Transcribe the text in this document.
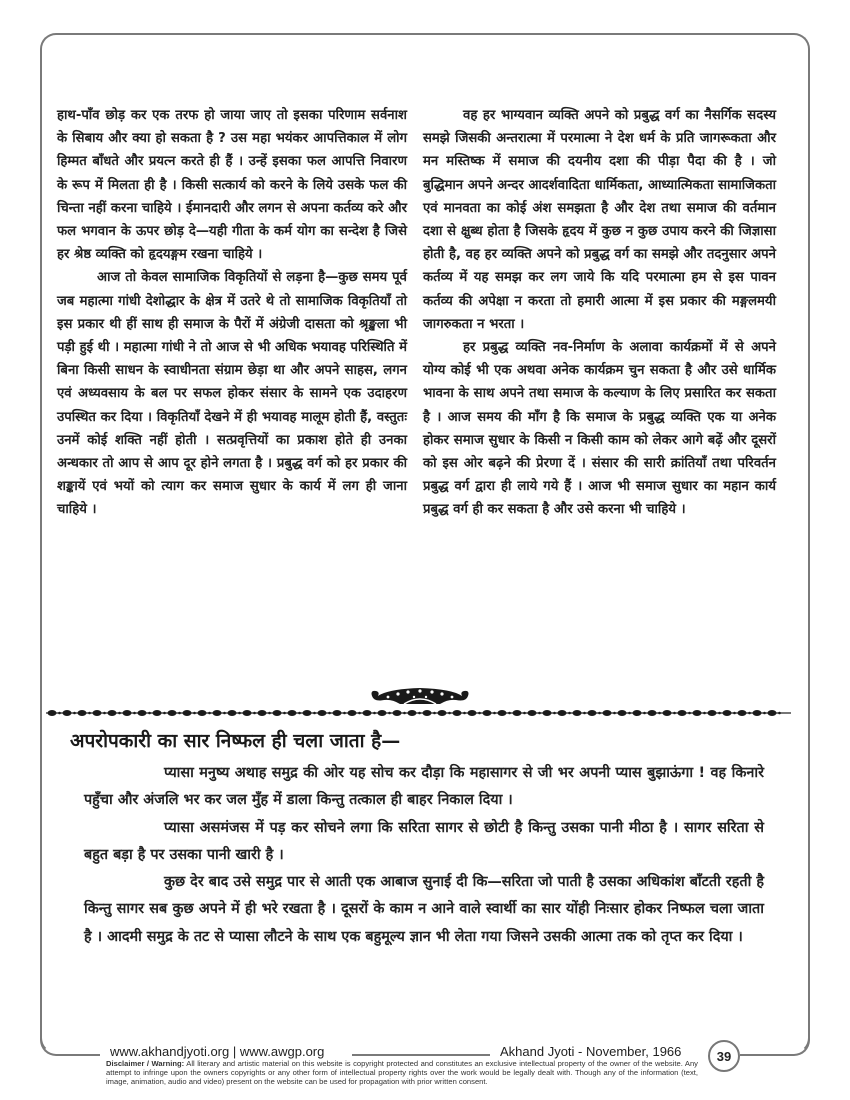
हाथ-पाँव छोड़ कर एक तरफ हो जाया जाए तो इसका परिणाम सर्वनाश के सिबाय और क्या हो सकता है ? उस महा भयंकर आपत्तिकाल में लोग हिम्मत बाँधते और प्रयत्न करते ही हैं । उन्हें इसका फल आपत्ति निवारण के रूप में मिलता ही है । किसी सत्कार्य को करने के लिये उसके फल की चिन्ता नहीं करना चाहिये । ईमानदारी और लगन से अपना कर्तव्य करे और फल भगवान के ऊपर छोड़ दे—यही गीता के कर्म योग का सन्देश है जिसे हर श्रेष्ठ व्यक्ति को हृदयङ्गम रखना चाहिये ।

आज तो केवल सामाजिक विकृतियों से लड़ना है—कुछ समय पूर्व जब महात्मा गांधी देशोद्धार के क्षेत्र में उतरे थे तो सामाजिक विकृतियाँ तो इस प्रकार थी हीं साथ ही समाज के पैरों में अंग्रेजी दासता को श्रृङ्खला भी पड़ी हुई थी । महात्मा गांधी ने तो आज से भी अधिक भयावह परिस्थिति में बिना किसी साधन के स्वाधीनता संग्राम छेड़ा था और अपने साहस, लगन एवं अध्यवसाय के बल पर सफल होकर संसार के सामने एक उदाहरण उपस्थित कर दिया । विकृतियाँ देखने में ही भयावह मालूम होती हैं, वस्तुतः उनमें कोई शक्ति नहीं होती । सत्प्रवृत्तियों का प्रकाश होते ही उनका अन्धकार तो आप से आप दूर होने लगता है । प्रबुद्ध वर्ग को हर प्रकार की शङ्कायें एवं भयों को त्याग कर समाज सुधार के कार्य में लग ही जाना चाहिये ।

वह हर भाग्यवान व्यक्ति अपने को प्रबुद्ध वर्ग का नैसर्गिक सदस्य समझे जिसकी अन्तरात्मा में परमात्मा ने देश धर्म के प्रति जागरूकता और मन मस्तिष्क में समाज की दयनीय दशा की पीड़ा पैदा की है । जो बुद्धिमान अपने अन्दर आदर्शवादिता धार्मिकता, आध्यात्मिकता सामाजिकता एवं मानवता का कोई अंश समझता है और देश तथा समाज की वर्तमान दशा से क्षुब्ध होता है जिसके हृदय में कुछ न कुछ उपाय करने की जिज्ञासा होती है, वह हर व्यक्ति अपने को प्रबुद्ध वर्ग का समझे और तदनुसार अपने कर्तव्य में यह समझ कर लग जाये कि यदि परमात्मा हम से इस पावन कर्तव्य की अपेक्षा न करता तो हमारी आत्मा में इस प्रकार की मङ्गलमयी जागरुकता न भरता ।

हर प्रबुद्ध व्यक्ति नव-निर्माण के अलावा कार्यक्रमों में से अपने योग्य कोई भी एक अथवा अनेक कार्यक्रम चुन सकता है और उसे धार्मिक भावना के साथ अपने तथा समाज के कल्याण के लिए प्रसारित कर सकता है । आज समय की माँग है कि समाज के प्रबुद्ध व्यक्ति एक या अनेक होकर समाज सुधार के किसी न किसी काम को लेकर आगे बढ़ें और दूसरों को इस ओर बढ़ने की प्रेरणा दें । संसार की सारी क्रांतियाँ तथा परिवर्तन प्रबुद्ध वर्ग द्वारा ही लाये गये हैं । आज भी समाज सुधार का महान कार्य प्रबुद्ध वर्ग ही कर सकता है और उसे करना भी चाहिये ।

अपरोपकारी का सार निष्फल ही चला जाता है—

प्यासा मनुष्य अथाह समुद्र की ओर यह सोच कर दौड़ा कि महासागर से जी भर अपनी प्यास बुझाऊंगा ! वह किनारे पहुँचा और अंजलि भर कर जल मुँह में डाला किन्तु तत्काल ही बाहर निकाल दिया ।

प्यासा असमंजस में पड़ कर सोचने लगा कि सरिता सागर से छोटी है किन्तु उसका पानी मीठा है । सागर सरिता से बहुत बड़ा है पर उसका पानी खारी है ।

कुछ देर बाद उसे समुद्र पार से आती एक आबाज सुनाई दी कि—सरिता जो पाती है उसका अधिकांश बाँटती रहती है किन्तु सागर सब कुछ अपने में ही भरे रखता है । दूसरों के काम न आने वाले स्वार्थी का सार योंही निःसार होकर निष्फल चला जाता है । आदमी समुद्र के तट से प्यासा लौटने के साथ एक बहुमूल्य ज्ञान भी लेता गया जिसने उसकी आत्मा तक को तृप्त कर दिया ।

www.akhandjyoti.org | www.awgp.org	Akhand Jyoti - November, 1966	39
Disclaimer / Warning: All literary and artistic material on this website is copyright protected and constitutes an exclusive intellectual property of the owner of the website. Any attempt to infringe upon the owners copyrights or any other form of intellectual property rights over the work would be legally dealt with. Though any of the information (text, image, animation, audio and video) present on the website can be used for propagation with prior written consent.
